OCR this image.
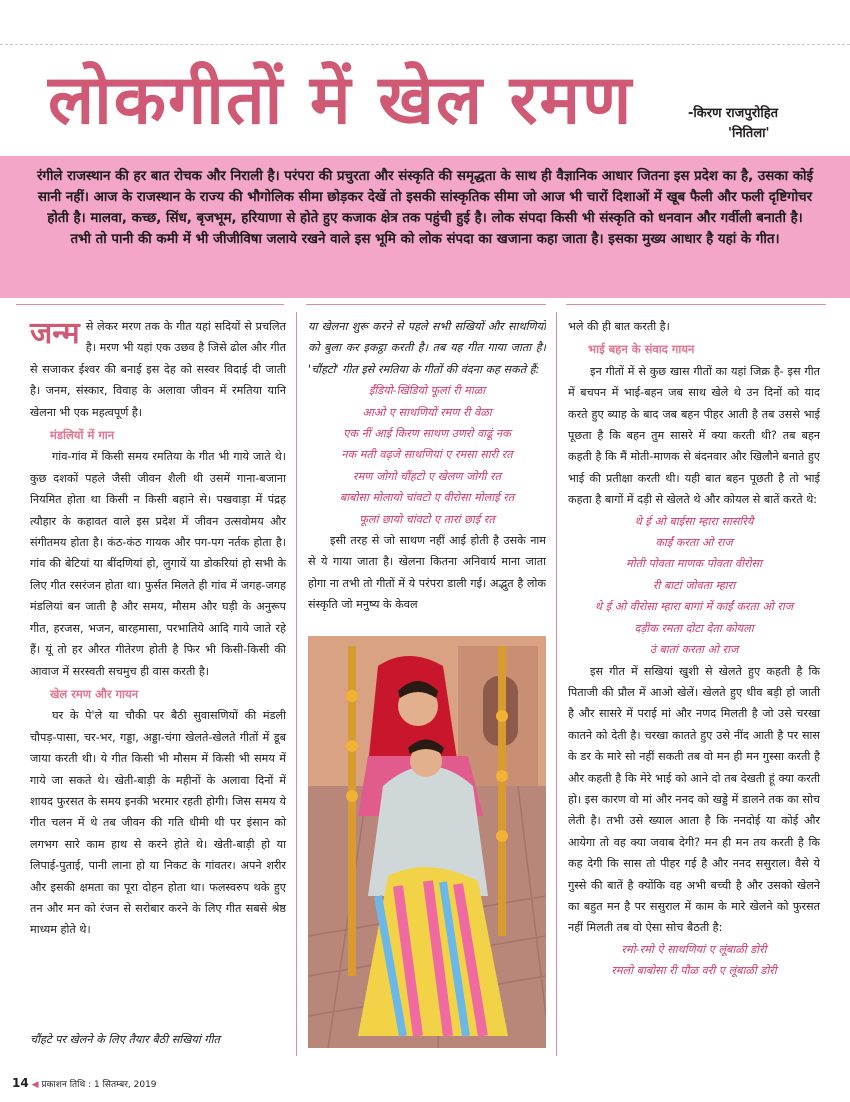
लोकगीतों में खेल रमण	-किरण राजपुरोहित
'नितिला'

रंगीले राजस्थान की हर बात रोचक और निराली है। परंपरा की प्रचुरता और संस्कृति की समृद्धता के साथ ही वैज्ञानिक आधार जितना इस प्रदेश का है, उसका कोई सानी नहीं। आज के राजस्थान के राज्य की भौगोलिक सीमा छोड़कर देखें तो इसकी सांस्कृतिक सीमा जो आज भी चारों दिशाओं में खूब फैली और फली दृष्टिगोचर होती है। मालवा, कच्छ, सिंध, बृजभूम, हरियाणा से होते हुए कजाक क्षेत्र तक पहुंची हुई है। लोक संपदा किसी भी संस्कृति को धनवान और गर्वीली बनाती है। तभी तो पानी की कमी में भी जीजीविषा जलाये रखने वाले इस भूमि को लोक संपदा का खजाना कहा जाता है। इसका मुख्य आधार है यहां के गीत।

जन्म से लेकर मरण तक के गीत यहां सदियों से प्रचलित है। मरण भी यहां एक उछव है जिसे ढोल और गीत से सजाकर ईश्वर की बनाई इस देह को सस्वर विदाई दी जाती है। जनम, संस्कार, विवाह के अलावा जीवन में रमतिया यानि खेलना भी एक महत्वपूर्ण है।

मंडलियों में गान

गांव-गांव में किसी समय रमतिया के गीत भी गाये जाते थे। कुछ दशकों पहले जैसी जीवन शैली थी उसमें गाना-बजाना नियमित होता था किसी न किसी बहाने से। पखवाड़ा में पंद्रह त्यौहार के कहावत वाले इस प्रदेश में जीवन उत्सवोमय और संगीतमय होता है। कंठ-कंठ गायक और पग-पग नर्तक होता है। गांव की बेटियां या बींदणियां हो, लुगायें या डोकरियां हो सभी के लिए गीत रसरंजन होता था। फुर्सत मिलते ही गांव में जगह-जगह मंडलियां बन जाती है और समय, मौसम और घड़ी के अनुरूप गीत, हरजस, भजन, बारहमासा, परभातिये आदि गाये जाते रहे हैं। यूं तो हर औरत गीतेरण होती है फिर भी किसी-किसी की आवाज में सरस्वती सचमुच ही वास करती है।

खेल रमण और गायन

घर के पे'ले या चौकी पर बैठी सुवासणियों की मंडली चौपड़-पासा, चर-भर, गड्डा, अड्डा-चंगा खेलते-खेलते गीतों में डूब जाया करती थी। ये गीत किसी भी मौसम में किसी भी समय में गाये जा सकते थे। खेती-बाड़ी के महीनों के अलावा दिनों में शायद फुरसत के समय इनकी भरमार रहती होगी। जिस समय ये गीत चलन में थे तब जीवन की गति धीमी थी पर इंसान को लगभग सारे काम हाथ से करने होते थे। खेती-बाड़ी हो या लिपाई-पुताई, पानी लाना हो या निकट के गांवतर। अपने शरीर और इसकी क्षमता का पूरा दोहन होता था। फलस्वरुप थके हुए तन और मन को रंजन से सरोबार करने के लिए गीत सबसे श्रेष्ठ माध्यम होते थे।

चौंहटे पर खेलने के लिए तैयार बैठी सखियां गीत

या खेलना शुरू करने से पहले सभी सखियों और साथणियों को बुला कर इकट्ठा करती है। तब यह गीत गाया जाता है। 'चौंहटो' गीत इसे रमतिया के गीतों की वंदना कह सकते हैं:

ईंडियो-खिंडियो फूलां री माळा

आओ ए साथणियों रमण री वेळा

एक नीं आई किरण साथण उणरो वाढूं नक

नक मती वढ़जे साथणियां ए रमसा सारी रत

रमण जोगो चौंहटो ए खेलण जोगी रत

बाबोसा मोलायो चांवटो ए वीरोसा मोलाई रत

फूलां छायो चांवटो ए तारां छाई रत

इसी तरह से जो साथण नहीं आई होती है उसके नाम से ये गाया जाता है। खेलना कितना अनिवार्य माना जाता होगा ना तभी तो गीतों में ये परंपरा डाली गई। अद्भुत है लोक संस्कृति जो मनुष्य के केवल

भले की ही बात करती है।

भाई बहन के संवाद गायन

इन गीतों में से कुछ खास गीतों का यहां जिक्र है- इस गीत में बचपन में भाई-बहन जब साथ खेले थे उन दिनों को याद करते हुए ब्याह के बाद जब बहन पीहर आती है तब उससे भाई पूछता है कि बहन तुम सासरे में क्या करती थी? तब बहन कहती है कि मैं मोती-माणक से बंदनवार और खिलौने बनाते हुए भाई की प्रतीक्षा करती थी। यही बात बहन पूछती है तो भाई कहता है बागों में दड़ी से खेलते थे और कोयल से बातें करते थे:

थे ई ओ बाईसा म्हारा सासरियै

काईं करता ओ राज

मोती पोवता माणक पोवता वीरोसा

री बाटां जोवता म्हारा

थे ई ओ वीरोसा म्हारा बागां में काईं करता ओ राज

दड़ीक रमता दोटा देता कोयला

उं बातां करता ओ राज

इस गीत में सखियां खुशी से खेलते हुए कहती है कि पिताजी की प्रौल में आओ खेलें। खेलते हुए धीव बड़ी हो जाती है और सासरे में पराई मां और नणद मिलती है जो उसे चरखा कातने को देती है। चरखा कातते हुए उसे नींद आती है पर सास के डर के मारे सो नहीं सकती तब वो मन ही मन गुस्सा करती है और कहती है कि मेरे भाई को आने दो तब देखती हूं क्या करती हो। इस कारण वो मां और ननद को खड्डे में डालने तक का सोच लेती है। तभी उसे ख्याल आता है कि ननदोई या कोई और आयेगा तो वह क्या जवाब देगी? मन ही मन तय करती है कि कह देगी कि सास तो पीहर गई है और ननद ससुराल। वैसे ये गुस्से की बातें है क्योंकि वह अभी बच्ची है और उसको खेलने का बहुत मन है पर ससुराल में काम के मारे खेलने को फुरसत नहीं मिलती तब वो ऐसा सोच बैठती है:

रमो-रमो ऐ साथणियां ए लूंबाळी डोरी

रमलो बाबोसा री पौळ वरी ए लूंबाळी डोरी

14 ◀ प्रकाशन तिथि : 1 सितम्बर, 2019
